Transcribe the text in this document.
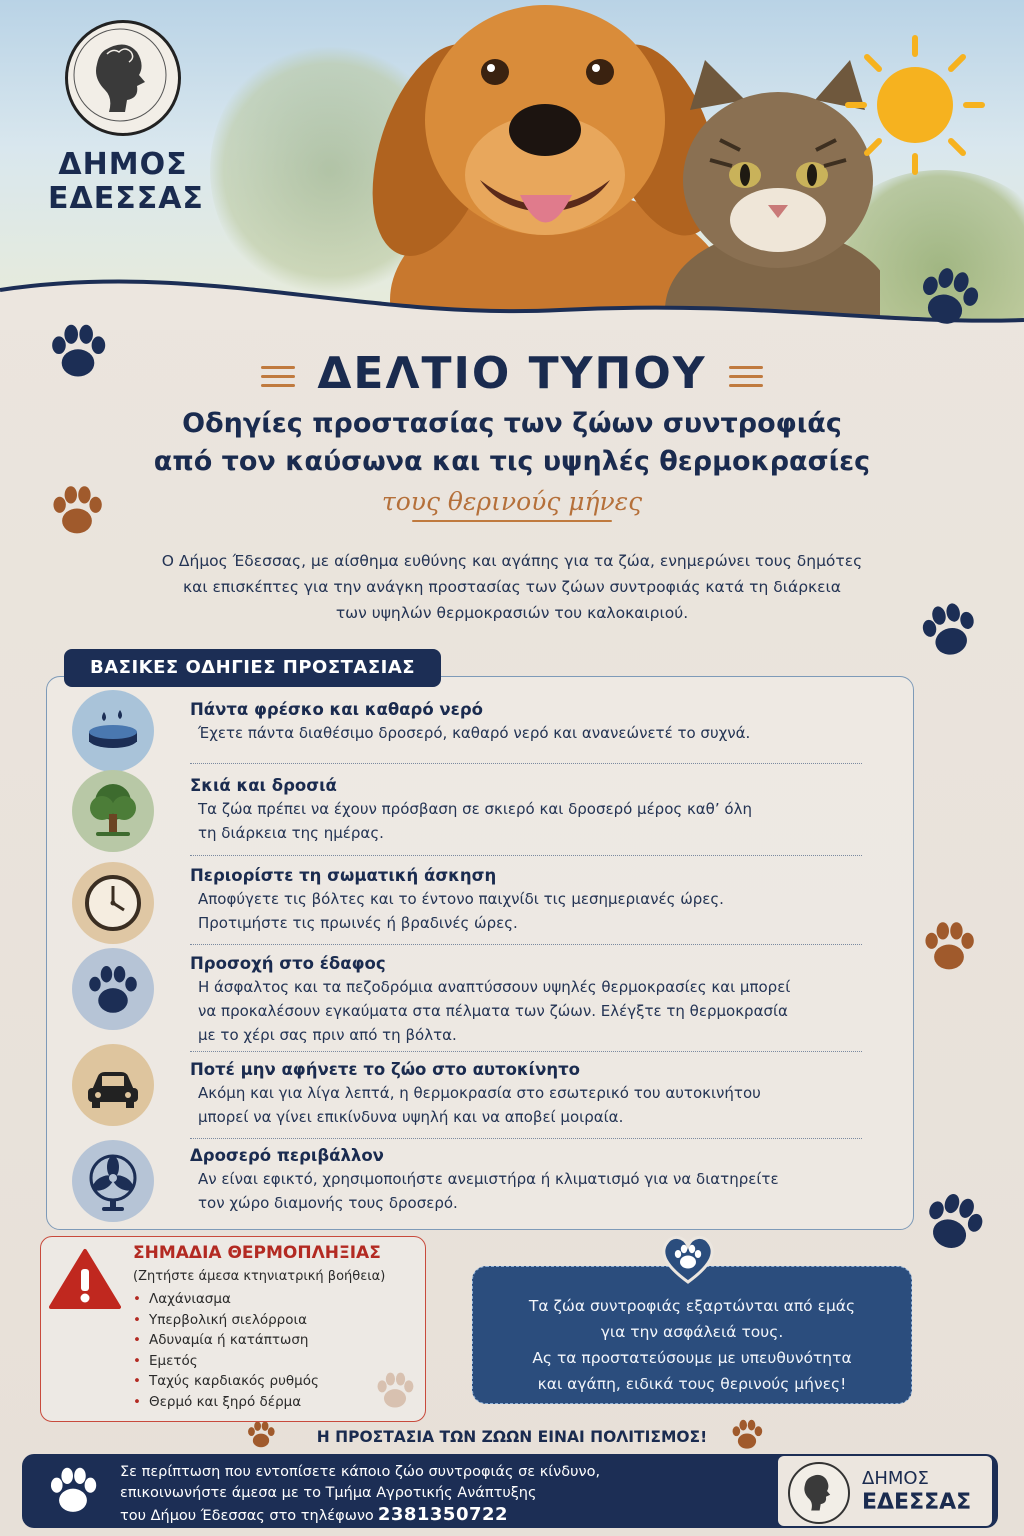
ΔΗΜΟΣ
ΕΔΕΣΣΑΣ
ΔΕΛΤΙΟ ΤΥΠΟΥ
Οδηγίες προστασίας των ζώων συντροφιάς
από τον καύσωνα και τις υψηλές θερμοκρασίες
τους θερινούς μήνες
Ο Δήμος Έδεσσας, με αίσθημα ευθύνης και αγάπης για τα ζώα, ενημερώνει τους δημότες
και επισκέπτες για την ανάγκη προστασίας των ζώων συντροφιάς κατά τη διάρκεια
των υψηλών θερμοκρασιών του καλοκαιριού.
ΒΑΣΙΚΕΣ ΟΔΗΓΙΕΣ ΠΡΟΣΤΑΣΙΑΣ
Πάντα φρέσκο και καθαρό νερό
Έχετε πάντα διαθέσιμο δροσερό, καθαρό νερό και ανανεώνετέ το συχνά.
Σκιά και δροσιά
Τα ζώα πρέπει να έχουν πρόσβαση σε σκιερό και δροσερό μέρος καθ’ όλη
τη διάρκεια της ημέρας.
Περιορίστε τη σωματική άσκηση
Αποφύγετε τις βόλτες και το έντονο παιχνίδι τις μεσημεριανές ώρες.
Προτιμήστε τις πρωινές ή βραδινές ώρες.
Προσοχή στο έδαφος
Η άσφαλτος και τα πεζοδρόμια αναπτύσσουν υψηλές θερμοκρασίες και μπορεί
να προκαλέσουν εγκαύματα στα πέλματα των ζώων. Ελέγξτε τη θερμοκρασία
με το χέρι σας πριν από τη βόλτα.
Ποτέ μην αφήνετε το ζώο στο αυτοκίνητο
Ακόμη και για λίγα λεπτά, η θερμοκρασία στο εσωτερικό του αυτοκινήτου
μπορεί να γίνει επικίνδυνα υψηλή και να αποβεί μοιραία.
Δροσερό περιβάλλον
Αν είναι εφικτό, χρησιμοποιήστε ανεμιστήρα ή κλιματισμό για να διατηρείτε
τον χώρο διαμονής τους δροσερό.
ΣΗΜΑΔΙΑ ΘΕΡΜΟΠΛΗΞΙΑΣ
(Ζητήστε άμεσα κτηνιατρική βοήθεια)
• Λαχάνιασμα
• Υπερβολική σιελόρροια
• Αδυναμία ή κατάπτωση
• Εμετός
• Ταχύς καρδιακός ρυθμός
• Θερμό και ξηρό δέρμα

Τα ζώα συντροφιάς εξαρτώνται από εμάς
για την ασφάλειά τους.
Ας τα προστατεύσουμε με υπευθυνότητα
και αγάπη, ειδικά τους θερινούς μήνες!

Η ΠΡΟΣΤΑΣΙΑ ΤΩΝ ΖΩΩΝ ΕΙΝΑΙ ΠΟΛΙΤΙΣΜΟΣ!
Σε περίπτωση που εντοπίσετε κάποιο ζώο συντροφιάς σε κίνδυνο,
επικοινωνήστε άμεσα με το Τμήμα Αγροτικής Ανάπτυξης
του Δήμου Έδεσσας στο τηλέφωνο 2381350722
ΔΗΜΟΣ
ΕΔΕΣΣΑΣ
